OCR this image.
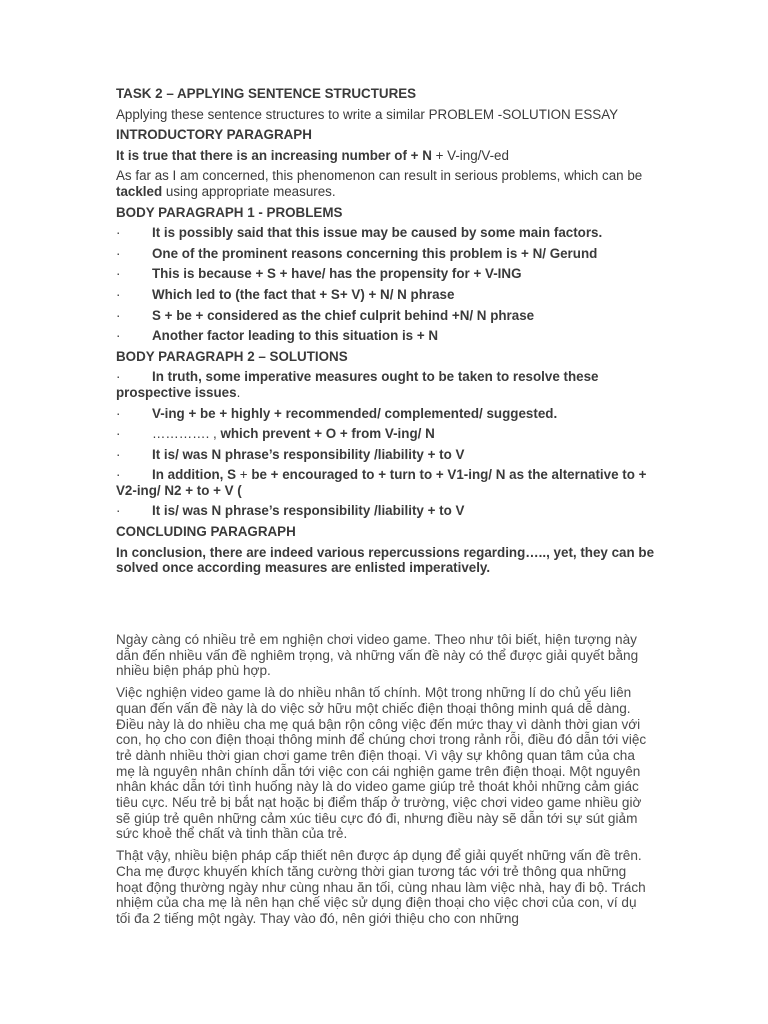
TASK 2 – APPLYING SENTENCE STRUCTURES

Applying these sentence structures to write a similar PROBLEM -SOLUTION ESSAY

INTRODUCTORY PARAGRAPH

It is true that there is an increasing number of + N + V-ing/V-ed

As far as I am concerned, this phenomenon can result in serious problems, which can be tackled using appropriate measures.

BODY PARAGRAPH 1 - PROBLEMS

·	It is possibly said that this issue may be caused by some main factors.
·	One of the prominent reasons concerning this problem is + N/ Gerund
·	This is because + S + have/ has the propensity for + V-ING
·	Which led to (the fact that + S+ V) + N/ N phrase
·	S + be + considered as the chief culprit behind +N/ N phrase
·	Another factor leading to this situation is + N

BODY PARAGRAPH 2 – SOLUTIONS

· In truth, some imperative measures ought to be taken to resolve these prospective issues.

·	V-ing + be + highly + recommended/ complemented/ suggested.
·	…………. , which prevent + O + from V-ing/ N
·	It is/ was N phrase’s responsibility /liability + to V

· In addition, S + be + encouraged to + turn to + V1-ing/ N as the alternative to + V2-ing/ N2 + to + V (

·	It is/ was N phrase’s responsibility /liability + to V

CONCLUDING PARAGRAPH

In conclusion, there are indeed various repercussions regarding….., yet, they can be solved once according measures are enlisted imperatively.

Ngày càng có nhiều trẻ em nghiện chơi video game. Theo như tôi biết, hiện tượng này dẫn đến nhiều vấn đề nghiêm trọng, và những vấn đề này có thể được giải quyết bằng nhiều biện pháp phù hợp.

Việc nghiện video game là do nhiều nhân tố chính. Một trong những lí do chủ yếu liên quan đến vấn đề này là do việc sở hữu một chiếc điện thoại thông minh quá dễ dàng. Điều này là do nhiều cha mẹ quá bận rộn công việc đến mức thay vì dành thời gian với con, họ cho con điện thoại thông minh để chúng chơi trong rảnh rỗi, điều đó dẫn tới việc trẻ dành nhiều thời gian chơi game trên điện thoại. Vì vậy sự không quan tâm của cha mẹ là nguyên nhân chính dẫn tới việc con cái nghiện game trên điện thoại. Một nguyên nhân khác dẫn tới tình huống này là do video game giúp trẻ thoát khỏi những cảm giác tiêu cực. Nếu trẻ bị bắt nạt hoặc bị điểm thấp ở trường, việc chơi video game nhiều giờ sẽ giúp trẻ quên những cảm xúc tiêu cực đó đi, nhưng điều này sẽ dẫn tới sự sút giảm sức khoẻ thể chất và tinh thần của trẻ.

Thật vậy, nhiều biện pháp cấp thiết nên được áp dụng để giải quyết những vấn đề trên. Cha mẹ được khuyến khích tăng cường thời gian tương tác với trẻ thông qua những hoạt động thường ngày như cùng nhau ăn tối, cùng nhau làm việc nhà, hay đi bộ. Trách nhiệm của cha mẹ là nên hạn chế việc sử dụng điện thoại cho việc chơi của con, ví dụ tối đa 2 tiếng một ngày. Thay vào đó, nên giới thiệu cho con những
